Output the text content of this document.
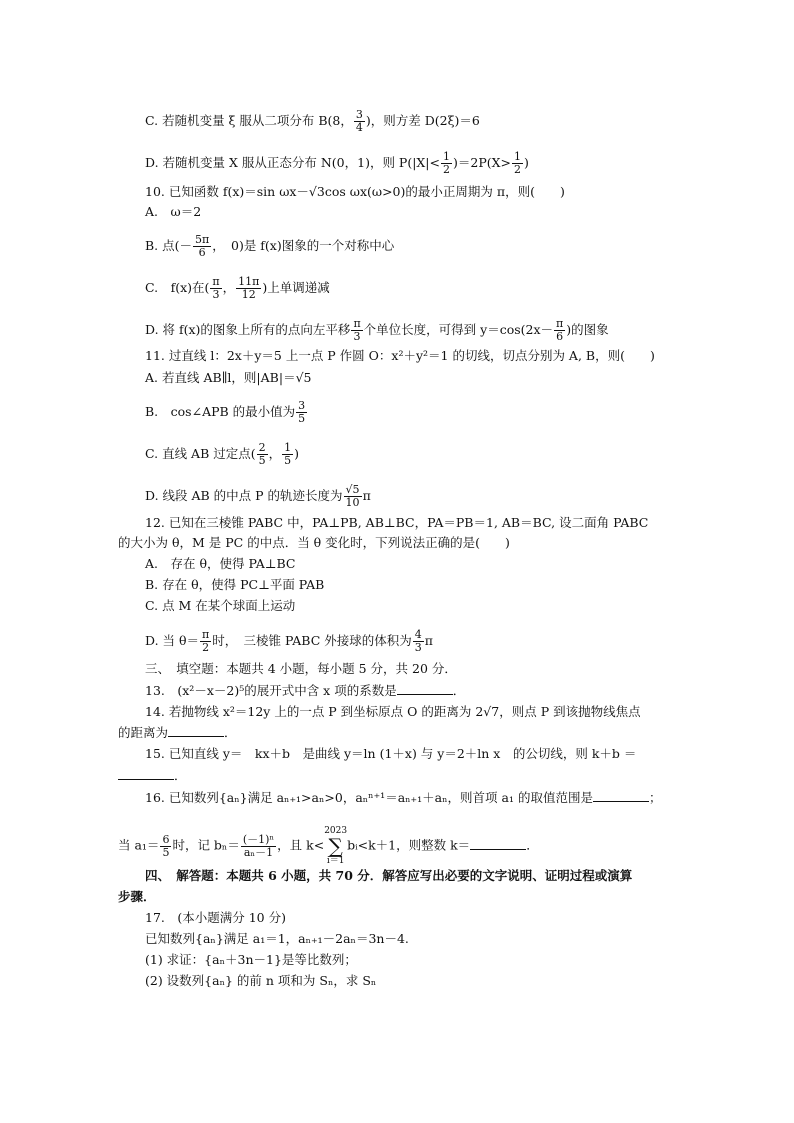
C. 若随机变量 ξ 服从二项分布 B(8， $\frac{3}{4}$ )，则方差 D(2ξ)＝6
D. 若随机变量 X 服从正态分布 N(0，1)，则 $P(|X|< \frac{1}{2} )=2P(X> \frac{1}{2}$ )
10. 已知函数 f(x)＝sin ωx－√3cos ωx(ω>0)的最小正周期为 π，则(　　)
A.　ω＝2
B. 点(－ $\frac{5\pi}{6}$ ，　0)是 f(x)图象的一个对称中心
C.　f(x)在( $\frac{\pi}{3}$ ， $\frac{11\pi}{12}$ )上单调递减
D. 将 f(x)的图象上所有的点向左平移 $\frac{\pi}{3}$ 个单位长度，可得到 $y=\cos(2x- \frac{\pi}{6}$ )的图象
11. 过直线 l：2x＋y＝5 上一点 P 作圆 O：x²＋y²＝1 的切线，切点分别为 A, B，则(　　)
A. 若直线 AB∥l，则|AB|＝√5
B.　cos∠APB 的最小值为 $\frac{3}{5}$
C. 直线 AB 过定点( $\frac{2}{5}$ ， $\frac{1}{5}$ )
D. 线段 AB 的中点 P 的轨迹长度为 $\frac{√5}{10}$ π
12. 已知在三棱锥 PABC 中，PA⊥PB, AB⊥BC，PA＝PB＝1, AB＝BC, 设二面角 PABC
的大小为 θ，M 是 PC 的中点．当 θ 变化时，下列说法正确的是(　　)
A.　存在 θ，使得 PA⊥BC
B. 存在 θ，使得 PC⊥平面 PAB
C. 点 M 在某个球面上运动
D. 当 $\theta= \frac{\pi}{2}$ 时，　三棱锥 PABC 外接球的体积为 $\frac{4}{3}$ π
三、　填空题：本题共 4 小题，每小题 5 分，共 20 分．
13.　(x²－x－2)⁵的展开式中含 x 项的系数是	．
14. 若抛物线 x²＝12y 上的一点 P 到坐标原点 O 的距离为 2√7，则点 P 到该抛物线焦点
的距离为	．
15. 已知直线 y＝　kx＋b　是曲线 y＝ln (1＋x) 与 y＝2＋ln x　的公切线，则 k＋b ＝
．
16. 已知数列{aₙ}满足 aₙ₊₁>aₙ>0，aₙⁿ⁺¹＝aₙ₊₁＋aₙ，则首项 a₁ 的取值范围是	；
当 $a_1= \frac{6}{5}$ 时，记 $b_n= \frac{\text{(－1)ⁿ}}{\text{aₙ－1}}$ ，且 k<2023
∑
i＝1bᵢ<k＋1，则整数 k＝	．
四、　解答题：本题共 6 小题，共 70 分．解答应写出必要的文字说明、证明过程或演算
步骤．
17.　(本小题满分 10 分)
已知数列{aₙ}满足 a₁＝1，aₙ₊₁－2aₙ＝3n－4.
(1) 求证：{aₙ＋3n－1}是等比数列；
(2) 设数列{aₙ} 的前 n 项和为 Sₙ，求 Sₙ
